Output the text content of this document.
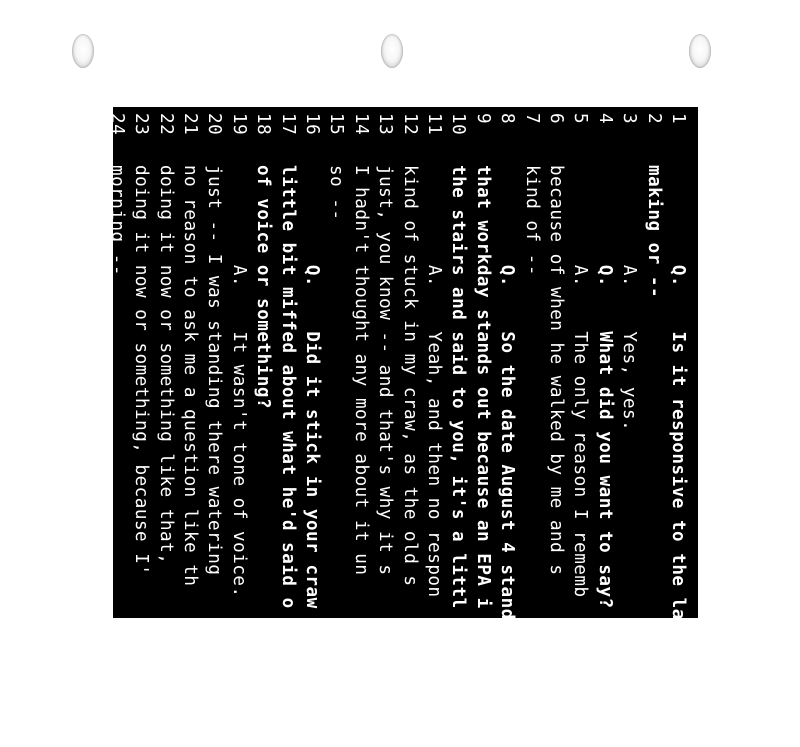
1
Q.    Is it responsive to the las
2
making or --
3
A.    Yes, yes.
4
Q.    What did you want to say?
5
A.    The only reason I rememb
6
because of when he walked by me and s
7
kind of --
8
Q.    So the date August 4 stands
9
that workday stands out because an EPA i
10
the stairs and said to you, it's a littl
11
A.    Yeah, and then no respon
12
kind of stuck in my craw, as the old s
13
just, you know -- and that's why it s
14
I hadn't thought any more about it un
15
so --
16
Q.    Did it stick in your craw b
17
little bit miffed about what he'd said o
18
of voice or something?
19
A.    It wasn't tone of voice.
20
just -- I was standing there watering
21
no reason to ask me a question like th
22
doing it now or something like that,
23
doing it now or something, because I'
24
morning --
